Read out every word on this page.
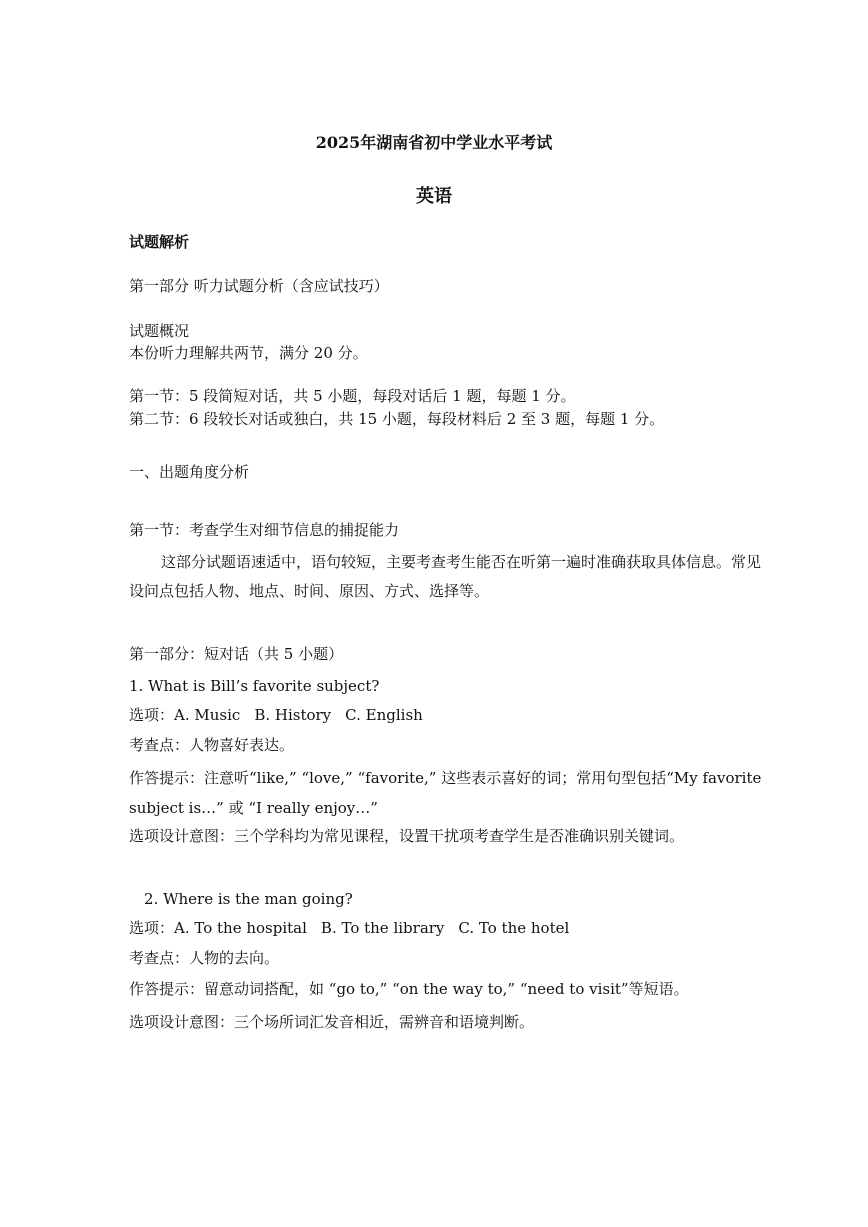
2025年湖南省初中学业水平考试
英语
试题解析
第一部分 听力试题分析（含应试技巧）
试题概况
本份听力理解共两节，满分 20 分。
第一节：5 段简短对话，共 5 小题，每段对话后 1 题，每题 1 分。
第二节：6 段较长对话或独白，共 15 小题，每段材料后 2 至 3 题，每题 1 分。
一、出题角度分析
第一节：考查学生对细节信息的捕捉能力
这部分试题语速适中，语句较短，主要考查考生能否在听第一遍时准确获取具体信息。常见设问点包括人物、地点、时间、原因、方式、选择等。
第一部分：短对话（共 5 小题）
1. What is Bill’s favorite subject?
选项：A. Music B. History C. English
考查点：人物喜好表达。
作答提示：注意听“like,” “love,” “favorite,” 这些表示喜好的词；常用句型包括“My favorite subject is…” 或 “I really enjoy…”
选项设计意图：三个学科均为常见课程，设置干扰项考查学生是否准确识别关键词。
2. Where is the man going?
选项：A. To the hospital B. To the library C. To the hotel
考查点：人物的去向。
作答提示：留意动词搭配，如 “go to,” “on the way to,” “need to visit”等短语。
选项设计意图：三个场所词汇发音相近，需辨音和语境判断。
